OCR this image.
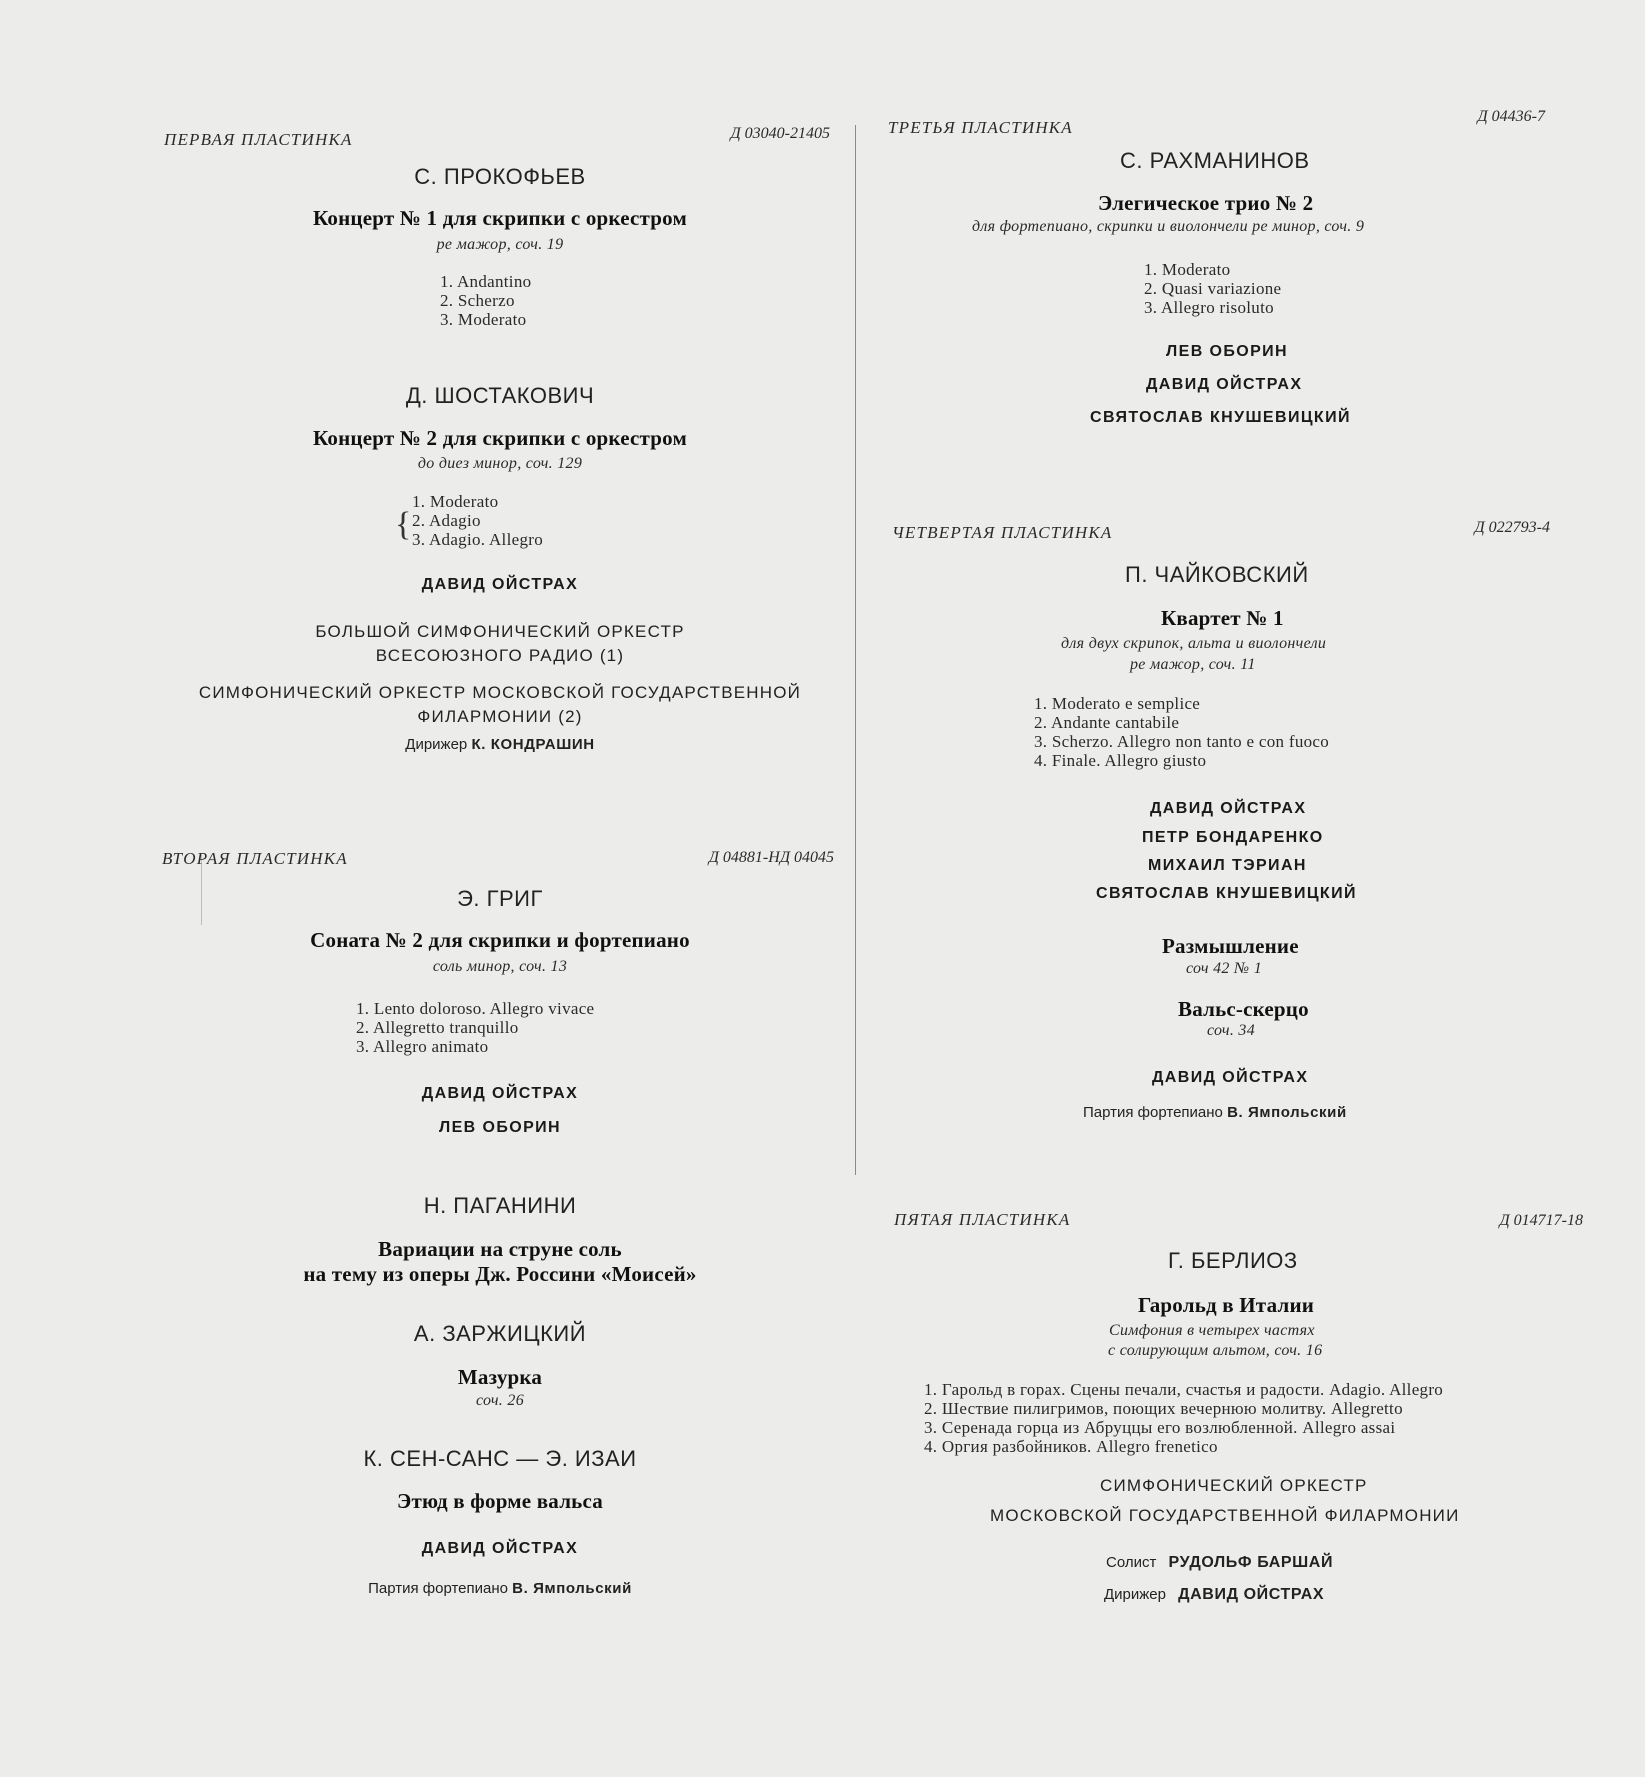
ПЕРВАЯ ПЛАСТИНКА	Д 03040-21405
С. ПРОКОФЬЕВ
Концерт № 1 для скрипки с оркестром
ре мажор, соч. 19
1. Andantino
2. Scherzo
3. Moderato
Д. ШОСТАКОВИЧ
Концерт № 2 для скрипки с оркестром
до диез минор, соч. 129
{
1. Moderato
2. Adagio
3. Adagio. Allegro
ДАВИД ОЙСТРАХ
БОЛЬШОЙ СИМФОНИЧЕСКИЙ ОРКЕСТР
ВСЕСОЮЗНОГО РАДИО (1)
СИМФОНИЧЕСКИЙ ОРКЕСТР МОСКОВСКОЙ ГОСУДАРСТВЕННОЙ
ФИЛАРМОНИИ (2)
Дирижер К. КОНДРАШИН
ВТОРАЯ ПЛАСТИНКА	Д 04881-НД 04045
Э. ГРИГ
Соната № 2 для скрипки и фортепиано
соль минор, соч. 13
1. Lento doloroso. Allegro vivace
2. Allegretto tranquillo
3. Allegro animato
ДАВИД ОЙСТРАХ
ЛЕВ ОБОРИН
Н. ПАГАНИНИ
Вариации на струне соль
на тему из оперы Дж. Россини «Моисей»
А. ЗАРЖИЦКИЙ
Мазурка
соч. 26
К. СЕН-САНС — Э. ИЗАИ
Этюд в форме вальса
ДАВИД ОЙСТРАХ
Партия фортепиано В. Ямпольский
ТРЕТЬЯ ПЛАСТИНКА
Д 04436-7
С. РАХМАНИНОВ
Элегическое трио № 2
для фортепиано, скрипки и виолончели ре минор, соч. 9
1. Moderato
2. Quasi variazione
3. Allegro risoluto
ЛЕВ ОБОРИН
ДАВИД ОЙСТРАХ
СВЯТОСЛАВ КНУШЕВИЦКИЙ
ЧЕТВЕРТАЯ ПЛАСТИНКА	Д 022793-4
П. ЧАЙКОВСКИЙ
Квартет № 1
для двух скрипок, альта и виолончели
ре мажор, соч. 11
1. Moderato e semplice
2. Andante cantabile
3. Scherzo. Allegro non tanto e con fuoco
4. Finale. Allegro giusto
ДАВИД ОЙСТРАХ
ПЕТР БОНДАРЕНКО
МИХАИЛ ТЭРИАН
СВЯТОСЛАВ КНУШЕВИЦКИЙ
Размышление
соч 42 № 1
Вальс-скерцо
соч. 34
ДАВИД ОЙСТРАХ
Партия фортепиано В. Ямпольский
ПЯТАЯ ПЛАСТИНКА	Д 014717-18
Г. БЕРЛИОЗ
Гарольд в Италии
Симфония в четырех частях
с солирующим альтом, соч. 16
1. Гарольд в горах. Сцены печали, счастья и радости. Adagio. Allegro
2. Шествие пилигримов, поющих вечернюю молитву. Allegretto
3. Серенада горца из Абруццы его возлюбленной. Allegro assai
4. Оргия разбойников. Allegro frenetico
СИМФОНИЧЕСКИЙ ОРКЕСТР
МОСКОВСКОЙ ГОСУДАРСТВЕННОЙ ФИЛАРМОНИИ
Солист РУДОЛЬФ БАРШАЙ
Дирижер ДАВИД ОЙСТРАХ
